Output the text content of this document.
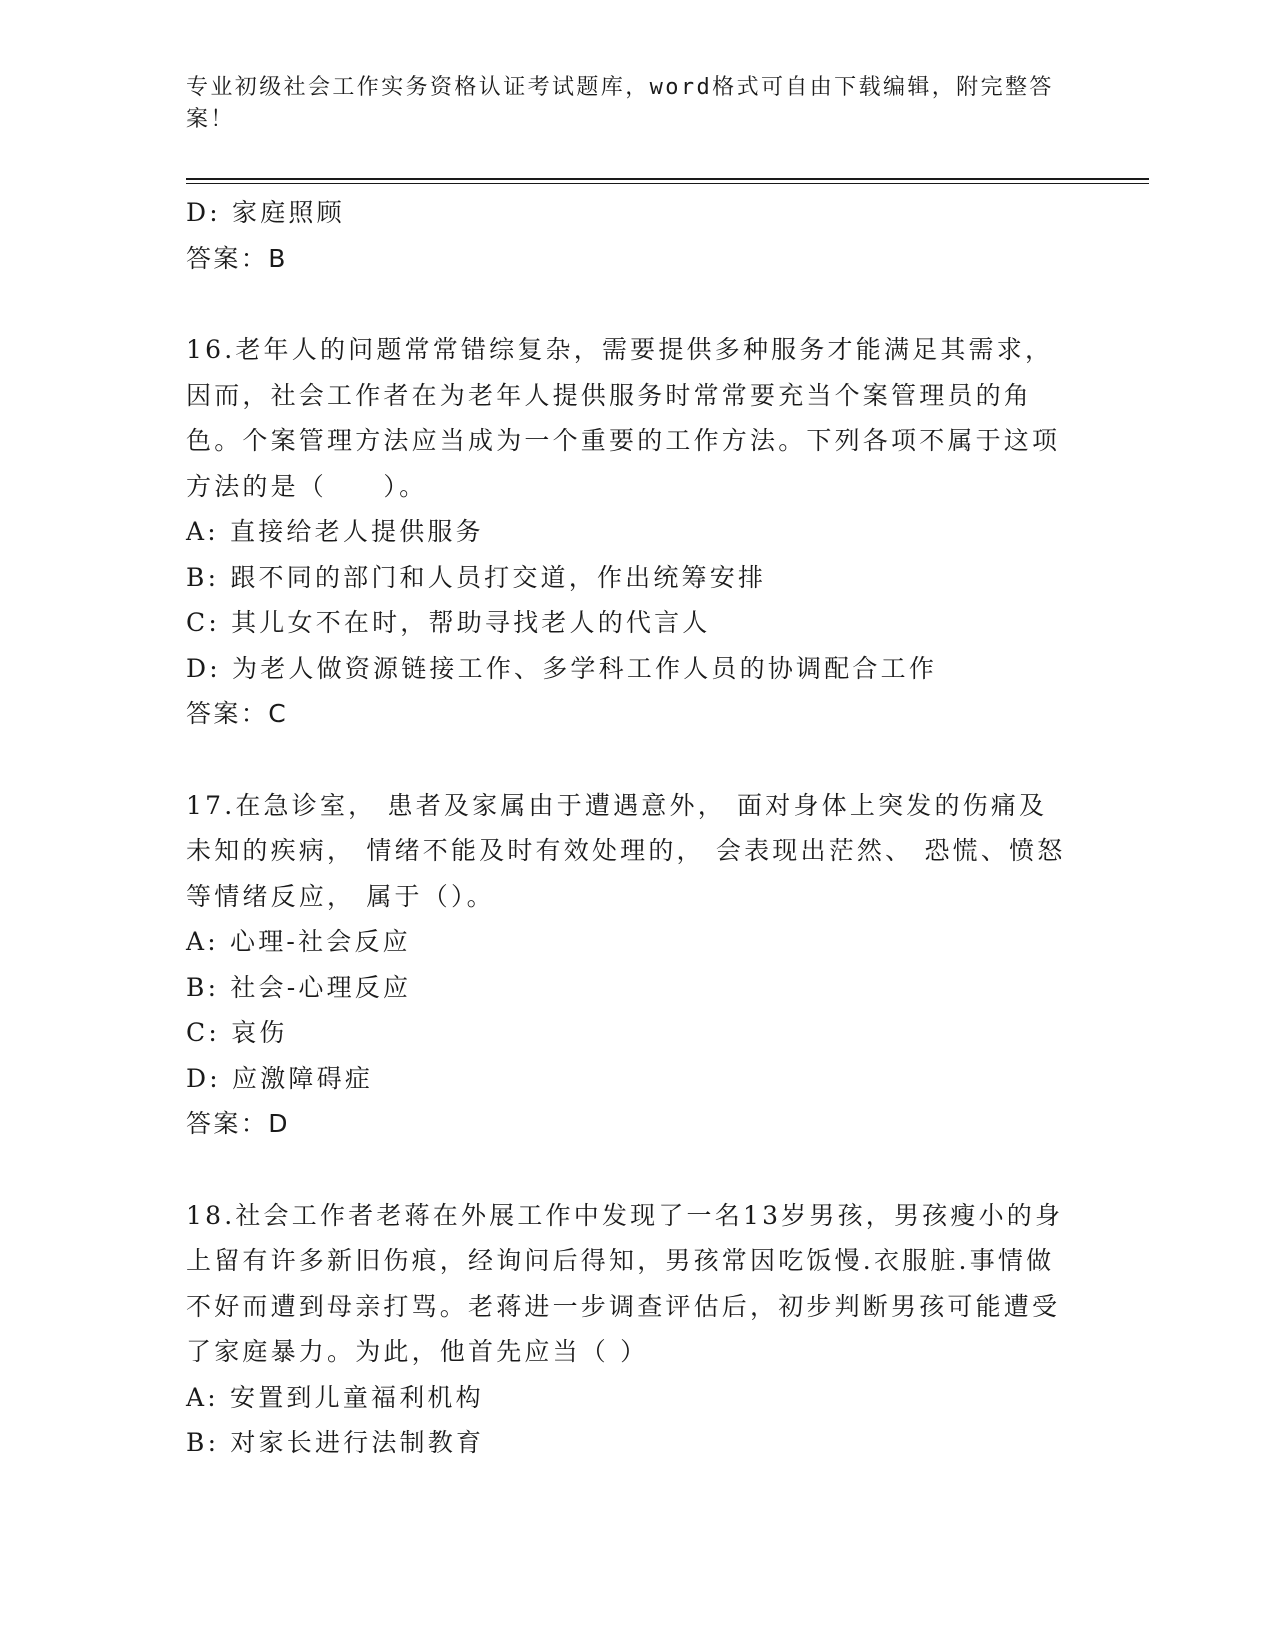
专业初级社会工作实务资格认证考试题库，word格式可自由下载编辑，附完整答案！
D: 家庭照顾
答案：B
16.老年人的问题常常错综复杂，需要提供多种服务才能满足其需求，因而，社会工作者在为老年人提供服务时常常要充当个案管理员的角色。个案管理方法应当成为一个重要的工作方法。下列各项不属于这项方法的是（　　）。
A: 直接给老人提供服务
B: 跟不同的部门和人员打交道，作出统筹安排
C: 其儿女不在时，帮助寻找老人的代言人
D: 为老人做资源链接工作、多学科工作人员的协调配合工作
答案：C
17.在急诊室， 患者及家属由于遭遇意外， 面对身体上突发的伤痛及未知的疾病， 情绪不能及时有效处理的， 会表现出茫然、 恐慌、愤怒等情绪反应， 属于（）。
A: 心理-社会反应
B: 社会-心理反应
C: 哀伤
D: 应激障碍症
答案：D
18.社会工作者老蒋在外展工作中发现了一名13岁男孩，男孩瘦小的身上留有许多新旧伤痕，经询问后得知，男孩常因吃饭慢.衣服脏.事情做不好而遭到母亲打骂。老蒋进一步调查评估后，初步判断男孩可能遭受了家庭暴力。为此，他首先应当（ ）
A: 安置到儿童福利机构
B: 对家长进行法制教育
